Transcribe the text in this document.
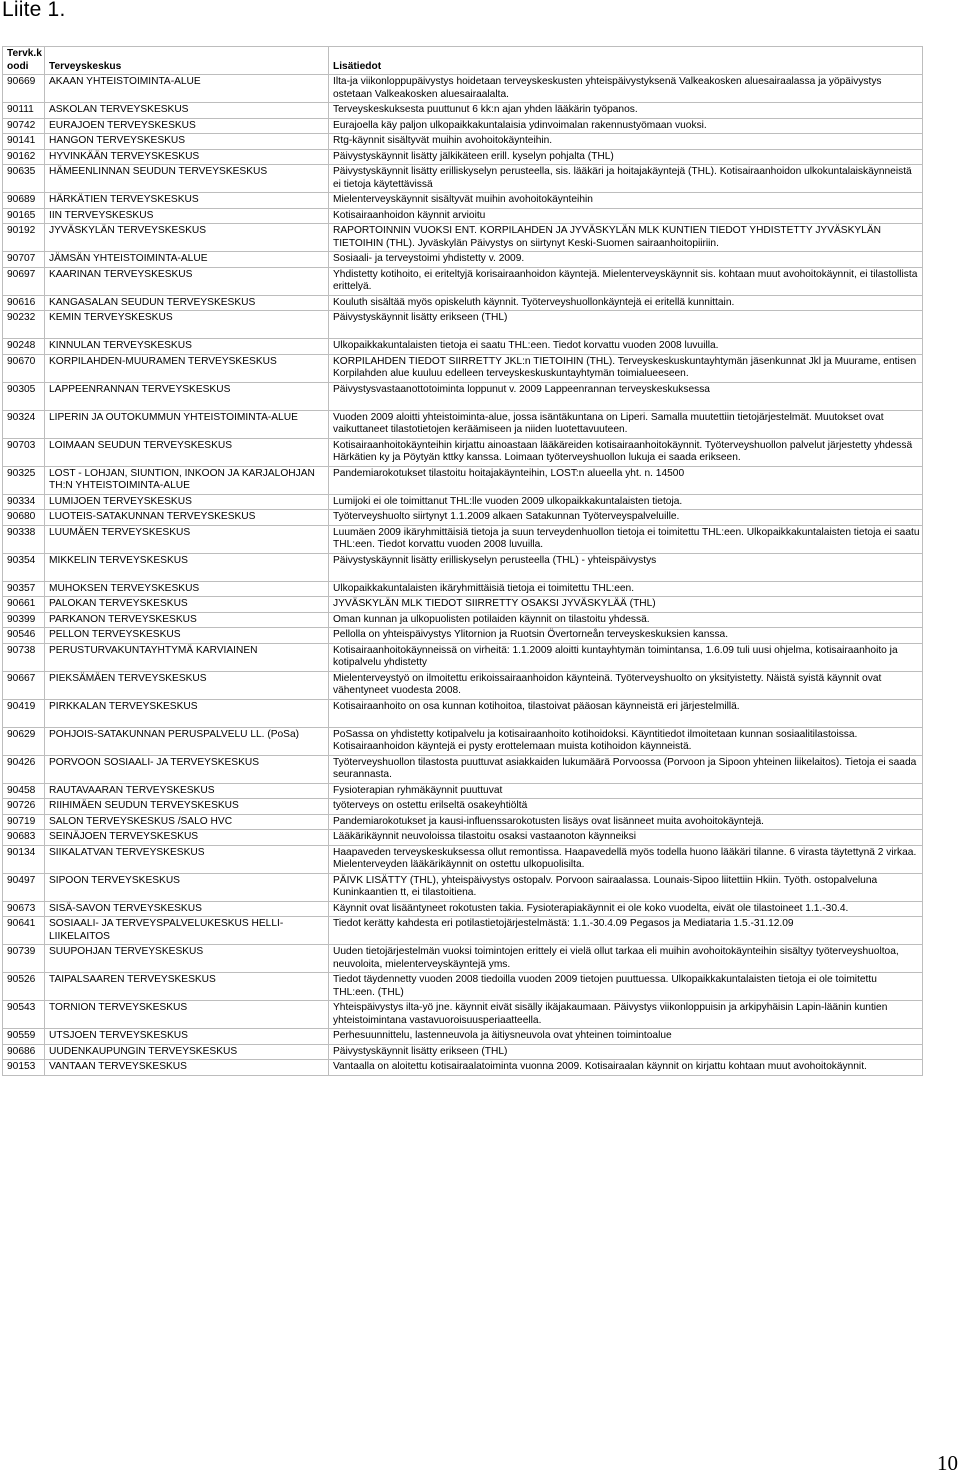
Liite 1.
Tervk.koodi	Terveyskeskus	Lisätiedot
90669	AKAAN YHTEISTOIMINTA-ALUE	Ilta-ja viikonloppupäivystys hoidetaan terveyskeskusten yhteispäivystyksenä Valkeakosken aluesairaalassa ja yöpäivystys ostetaan Valkeakosken aluesairaalalta.
90111	ASKOLAN TERVEYSKESKUS	Terveyskeskuksesta puuttunut 6 kk:n ajan yhden lääkärin työpanos.
90742	EURAJOEN TERVEYSKESKUS	Eurajoella käy paljon ulkopaikkakuntalaisia ydinvoimalan rakennustyömaan vuoksi.
90141	HANGON TERVEYSKESKUS	Rtg-käynnit sisältyvät muihin avohoitokäynteihin.
90162	HYVINKÄÄN TERVEYSKESKUS	Päivystyskäynnit lisätty jälkikäteen erill. kyselyn pohjalta (THL)
90635	HÄMEENLINNAN SEUDUN TERVEYSKESKUS	Päivystyskäynnit lisätty erilliskyselyn perusteella, sis. lääkäri ja hoitajakäyntejä (THL). Kotisairaanhoidon ulkokuntalaiskäynneistä ei tietoja käytettävissä
90689	HÄRKÄTIEN TERVEYSKESKUS	Mielenterveyskäynnit sisältyvät muihin avohoitokäynteihin
90165	IIN TERVEYSKESKUS	Kotisairaanhoidon käynnit arvioitu
90192	JYVÄSKYLÄN TERVEYSKESKUS	RAPORTOINNIN VUOKSI ENT. KORPILAHDEN JA JYVÄSKYLÄN MLK KUNTIEN TIEDOT YHDISTETTY JYVÄSKYLÄN TIETOIHIN (THL). Jyväskylän Päivystys on siirtynyt Keski-Suomen sairaanhoitopiiriin.
90707	JÄMSÄN YHTEISTOIMINTA-ALUE	Sosiaali- ja terveystoimi yhdistetty v. 2009.
90697	KAARINAN TERVEYSKESKUS	Yhdistetty kotihoito, ei eriteltyjä korisairaanhoidon käyntejä. Mielenterveyskäynnit sis. kohtaan muut avohoitokäynnit, ei tilastollista erittelyä.
90616	KANGASALAN SEUDUN TERVEYSKESKUS	Kouluth sisältää myös opiskeluth käynnit. Työterveyshuollonkäyntejä ei eritellä kunnittain.
90232	KEMIN TERVEYSKESKUS	Päivystyskäynnit lisätty erikseen (THL)
90248	KINNULAN TERVEYSKESKUS	Ulkopaikkakuntalaisten tietoja ei saatu THL:een. Tiedot korvattu vuoden 2008 luvuilla.
90670	KORPILAHDEN-MUURAMEN TERVEYSKESKUS	KORPILAHDEN TIEDOT SIIRRETTY JKL:n TIETOIHIN (THL). Terveyskeskuskuntayhtymän jäsenkunnat Jkl ja Muurame, entisen Korpilahden alue kuuluu edelleen terveyskeskuskuntayhtymän toimialueeseen.
90305	LAPPEENRANNAN TERVEYSKESKUS	Päivystysvastaanottotoiminta loppunut v. 2009 Lappeenrannan terveyskeskuksessa
90324	LIPERIN JA OUTOKUMMUN YHTEISTOIMINTA-ALUE	Vuoden 2009 aloitti yhteistoiminta-alue, jossa isäntäkuntana on Liperi. Samalla muutettiin tietojärjestelmät. Muutokset ovat vaikuttaneet tilastotietojen keräämiseen ja niiden luotettavuuteen.
90703	LOIMAAN SEUDUN TERVEYSKESKUS	Kotisairaanhoitokäynteihin kirjattu ainoastaan lääkäreiden kotisairaanhoitokäynnit. Työterveyshuollon palvelut järjestetty yhdessä Härkätien ky ja Pöytyän kttky kanssa. Loimaan työterveyshuollon lukuja ei saada erikseen.
90325	LOST - LOHJAN, SIUNTION, INKOON JA KARJALOHJAN TH:N YHTEISTOIMINTA-ALUE	Pandemiarokotukset tilastoitu hoitajakäynteihin, LOST:n alueella yht. n. 14500
90334	LUMIJOEN TERVEYSKESKUS	Lumijoki ei ole toimittanut THL:lle vuoden 2009 ulkopaikkakuntalaisten tietoja.
90680	LUOTEIS-SATAKUNNAN TERVEYSKESKUS	Työterveyshuolto siirtynyt 1.1.2009 alkaen Satakunnan Työterveyspalveluille.
90338	LUUMÄEN TERVEYSKESKUS	Luumäen 2009 ikäryhmittäisiä tietoja ja suun terveydenhuollon tietoja ei toimitettu THL:een. Ulkopaikkakuntalaisten tietoja ei saatu THL:een. Tiedot korvattu vuoden 2008 luvuilla.
90354	MIKKELIN TERVEYSKESKUS	Päivystyskäynnit lisätty erilliskyselyn perusteella (THL) - yhteispäivystys
90357	MUHOKSEN TERVEYSKESKUS	Ulkopaikkakuntalaisten ikäryhmittäisiä tietoja ei toimitettu THL:een.
90661	PALOKAN TERVEYSKESKUS	JYVÄSKYLÄN MLK TIEDOT SIIRRETTY OSAKSI JYVÄSKYLÄÄ (THL)
90399	PARKANON TERVEYSKESKUS	Oman kunnan ja ulkopuolisten potilaiden käynnit on tilastoitu yhdessä.
90546	PELLON TERVEYSKESKUS	Pellolla on yhteispäivystys Ylitornion ja Ruotsin Övertorneån terveyskeskuksien kanssa.
90738	PERUSTURVAKUNTAYHTYMÄ KARVIAINEN	Kotisairaanhoitokäynneissä on virheitä: 1.1.2009 aloitti kuntayhtymän toimintansa, 1.6.09 tuli uusi ohjelma, kotisairaanhoito ja kotipalvelu yhdistetty
90667	PIEKSÄMÄEN TERVEYSKESKUS	Mielenterveystyö on ilmoitettu erikoissairaanhoidon käynteinä. Työterveyshuolto on yksityistetty. Näistä syistä käynnit ovat vähentyneet vuodesta 2008.
90419	PIRKKALAN TERVEYSKESKUS	Kotisairaanhoito on osa kunnan kotihoitoa, tilastoivat pääosan käynneistä eri järjestelmillä.
90629	POHJOIS-SATAKUNNAN PERUSPALVELU LL. (PoSa)	PoSassa on yhdistetty kotipalvelu ja kotisairaanhoito kotihoidoksi. Käyntitiedot ilmoitetaan kunnan sosiaalitilastoissa. Kotisairaanhoidon käyntejä ei pysty erottelemaan muista kotihoidon käynneistä.
90426	PORVOON SOSIAALI- JA TERVEYSKESKUS	Työterveyshuollon tilastosta puuttuvat asiakkaiden lukumäärä Porvoossa (Porvoon ja Sipoon yhteinen liikelaitos). Tietoja ei saada seurannasta.
90458	RAUTAVAARAN TERVEYSKESKUS	Fysioterapian ryhmäkäynnit puuttuvat
90726	RIIHIMÄEN SEUDUN TERVEYSKESKUS	työterveys on ostettu erilseltä osakeyhtiöltä
90719	SALON TERVEYSKESKUS /SALO HVC	Pandemiarokotukset ja kausi-influenssarokotusten lisäys ovat lisänneet muita avohoitokäyntejä.
90683	SEINÄJOEN TERVEYSKESKUS	Lääkärikäynnit neuvoloissa tilastoitu osaksi vastaanoton käynneiksi
90134	SIIKALATVAN TERVEYSKESKUS	Haapaveden terveyskeskuksessa ollut remontissa. Haapavedellä myös todella huono lääkäri tilanne. 6 virasta täytettynä 2 virkaa. Mielenterveyden lääkärikäynnit on ostettu ulkopuolisilta.
90497	SIPOON TERVEYSKESKUS	PÄIVK LISÄTTY (THL), yhteispäivystys ostopalv. Porvoon sairaalassa. Lounais-Sipoo liitettiin Hkiin. Työth. ostopalveluna Kuninkaantien tt, ei tilastoitiena.
90673	SISÄ-SAVON TERVEYSKESKUS	Käynnit ovat lisääntyneet rokotusten takia. Fysioterapiakäynnit ei ole koko vuodelta, eivät ole tilastoineet 1.1.-30.4.
90641	SOSIAALI- JA TERVEYSPALVELUKESKUS HELLI-LIIKELAITOS	Tiedot kerätty kahdesta eri potilastietojärjestelmästä: 1.1.-30.4.09 Pegasos ja Mediataria 1.5.-31.12.09
90739	SUUPOHJAN TERVEYSKESKUS	Uuden tietojärjestelmän vuoksi toimintojen erittely ei vielä ollut tarkaa eli muihin avohoitokäynteihin sisältyy työterveyshuoltoa, neuvoloita, mielenterveyskäyntejä yms.
90526	TAIPALSAAREN TERVEYSKESKUS	Tiedot täydennetty vuoden 2008 tiedoilla vuoden 2009 tietojen puuttuessa. Ulkopaikkakuntalaisten tietoja ei ole toimitettu THL:een. (THL)
90543	TORNION TERVEYSKESKUS	Yhteispäivystys ilta-yö jne. käynnit eivät sisälly ikäjakaumaan. Päivystys viikonloppuisin ja arkipyhäisin Lapin-läänin kuntien yhteistoimintana vastavuoroisuusperiaatteella.
90559	UTSJOEN TERVEYSKESKUS	Perhesuunnittelu, lastenneuvola ja äitiysneuvola ovat yhteinen toimintoalue
90686	UUDENKAUPUNGIN TERVEYSKESKUS	Päivystyskäynnit lisätty erikseen (THL)
90153	VANTAAN TERVEYSKESKUS	Vantaalla on aloitettu kotisairaalatoiminta vuonna 2009. Kotisairaalan käynnit on kirjattu kohtaan muut avohoitokäynnit.
10
